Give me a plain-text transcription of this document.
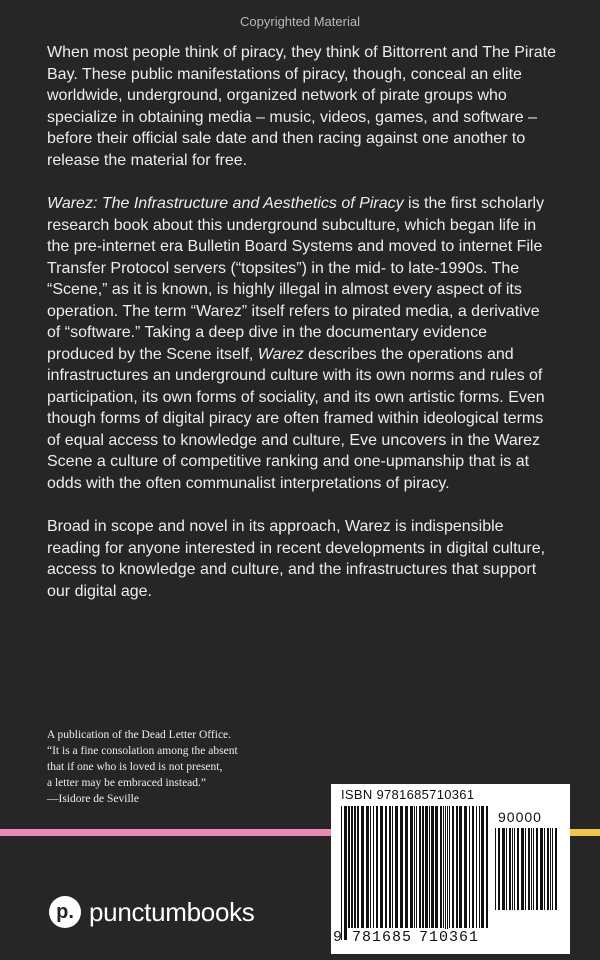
Copyrighted Material

When most people think of piracy, they think of Bittorrent and The Pirate Bay. These public manifestations of piracy, though, conceal an elite worldwide, underground, organized network of pirate groups who specialize in obtaining media – music, videos, games, and software – before their official sale date and then racing against one another to release the material for free.

Warez: The Infrastructure and Aesthetics of Piracy is the first scholarly research book about this underground subculture, which began life in the pre-internet era Bulletin Board Systems and moved to internet File Transfer Protocol servers (“topsites”) in the mid- to late-1990s. The “Scene,” as it is known, is highly illegal in almost every aspect of its operation. The term “Warez” itself refers to pirated media, a derivative of “software.” Taking a deep dive in the documentary evidence produced by the Scene itself, Warez describes the operations and infrastructures an underground culture with its own norms and rules of participation, its own forms of sociality, and its own artistic forms. Even though forms of digital piracy are often framed within ideological terms of equal access to knowledge and culture, Eve uncovers in the Warez Scene a culture of competitive ranking and one-upmanship that is at odds with the often communalist interpretations of piracy.

Broad in scope and novel in its approach, Warez is indispensible reading for anyone interested in recent developments in digital culture, access to knowledge and culture, and the infrastructures that support our digital age.

A publication of the Dead Letter Office.
“It is a fine consolation among the absent
that if one who is loved is not present,
a letter may be embraced instead.”
—Isidore de Seville	ISBN 9781685710361
90000
9 781685 710361
p. punctumbooks
